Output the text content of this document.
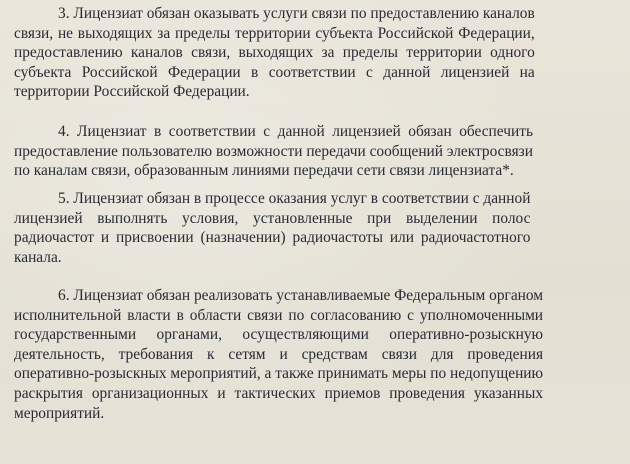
3. Лицензиат обязан оказывать услуги связи по предоставлению каналов
связи, не выходящих за пределы территории субъекта Российской Федерации,
предоставлению каналов связи, выходящих за пределы территории одного
субъекта Российской Федерации в соответствии с данной лицензией на
территории Российской Федерации.
4. Лицензиат в соответствии с данной лицензией обязан обеспечить
предоставление пользователю возможности передачи сообщений электросвязи
по каналам связи, образованным линиями передачи сети связи лицензиата*.
5. Лицензиат обязан в процессе оказания услуг в соответствии с данной
лицензией выполнять условия, установленные при выделении полос
радиочастот и присвоении (назначении) радиочастоты или радиочастотного
канала.
6. Лицензиат обязан реализовать устанавливаемые Федеральным органом
исполнительной власти в области связи по согласованию с уполномоченными
государственными органами, осуществляющими оперативно-розыскную
деятельность, требования к сетям и средствам связи для проведения
оперативно-розыскных мероприятий, а также принимать меры по недопущению
раскрытия организационных и тактических приемов проведения указанных
мероприятий.
